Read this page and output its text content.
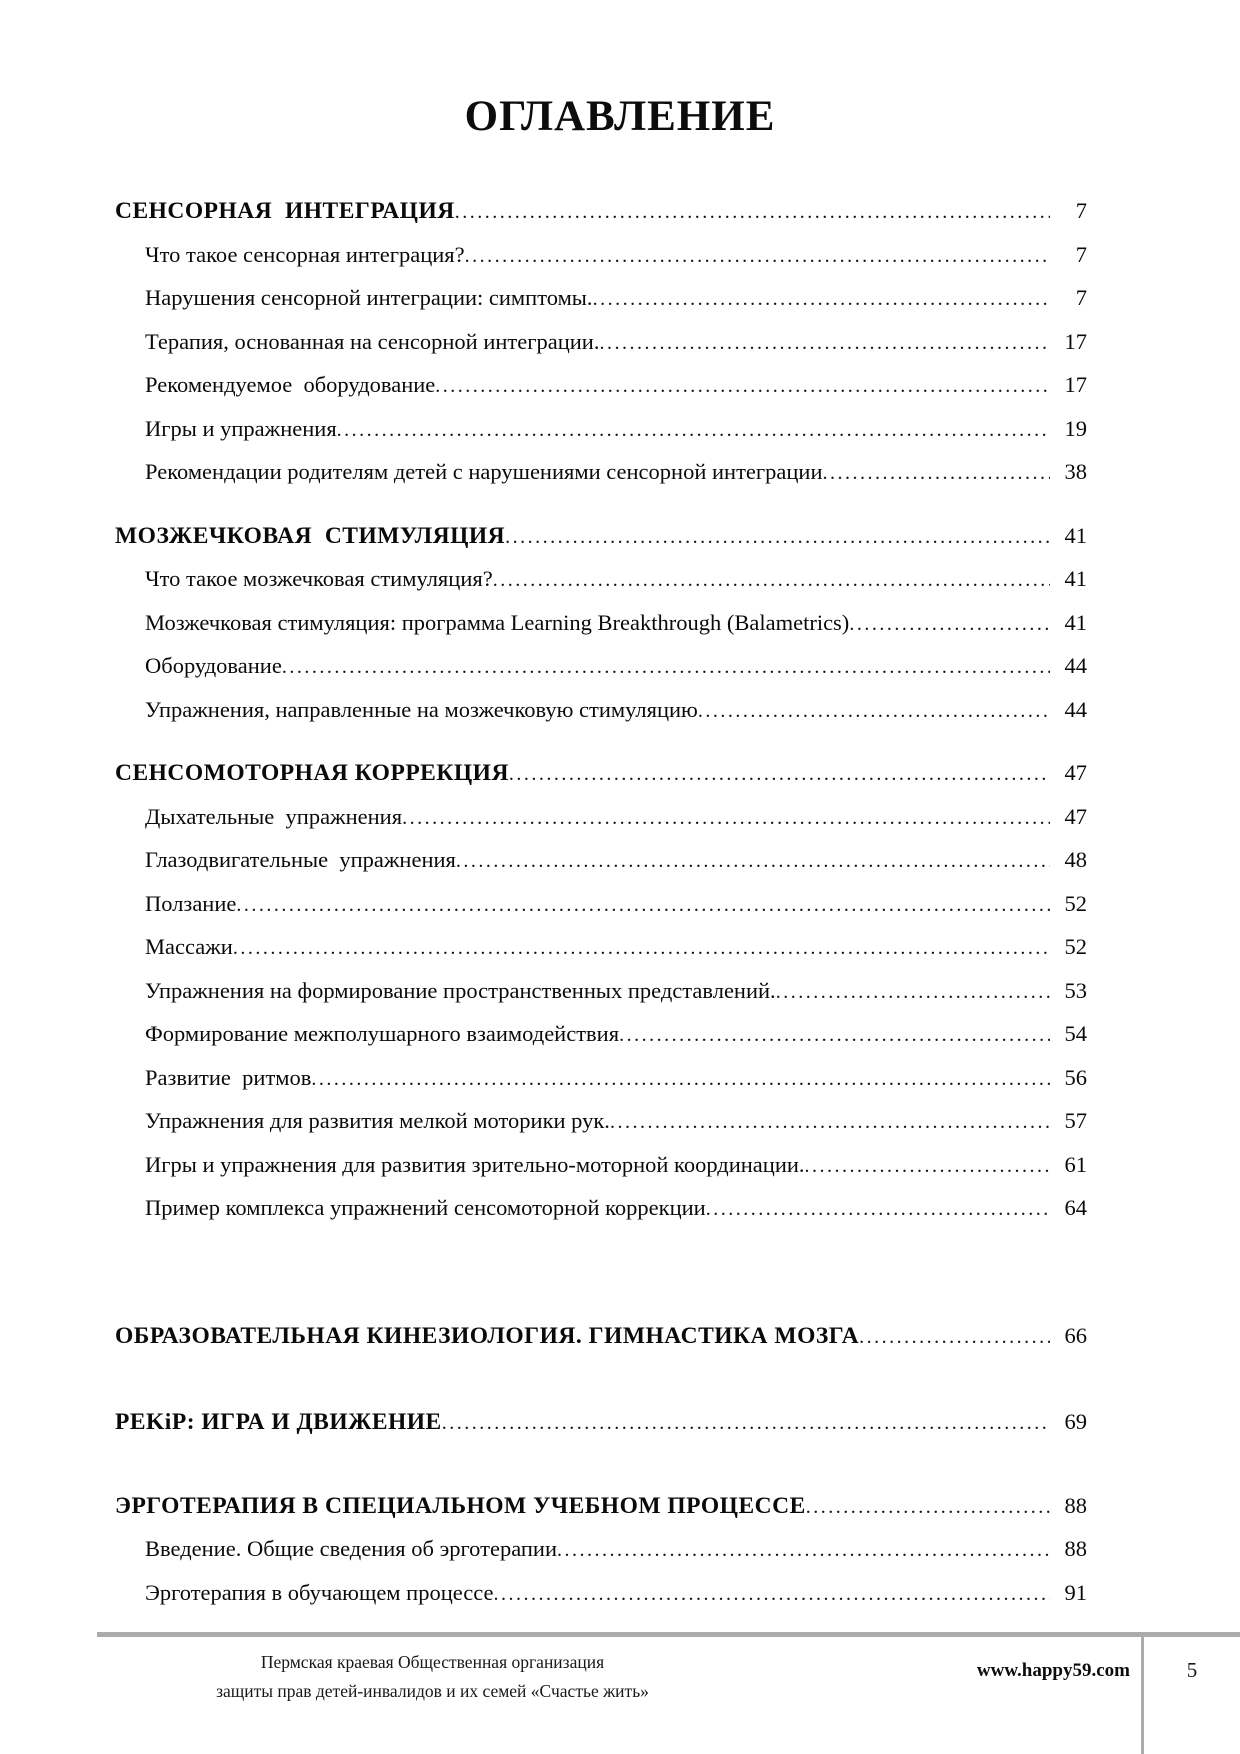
ОГЛАВЛЕНИЕ
СЕНСОРНАЯ  ИНТЕГРАЦИЯ .....	7
Что такое сенсорная интеграция? .....	7
Нарушения сенсорной интеграции: симптомы. .....	7
Терапия, основанная на сенсорной интеграции. .....	17
Рекомендуемое  оборудование .....	17
Игры и упражнения .....	19
Рекомендации родителям детей с нарушениями сенсорной интеграции .....	38
МОЗЖЕЧКОВАЯ  СТИМУЛЯЦИЯ .....	41
Что такое мозжечковая стимуляция? .....	41
Мозжечковая стимуляция: программа Learning Breakthrough (Balametrics) .....	41
Оборудование .....	44
Упражнения, направленные на мозжечковую стимуляцию .....	44
СЕНСОМОТОРНАЯ КОРРЕКЦИЯ .....	47
Дыхательные  упражнения .....	47
Глазодвигательные  упражнения .....	48
Ползание .....	52
Массажи .....	52
Упражнения на формирование пространственных представлений. .....	53
Формирование межполушарного взаимодействия .....	54
Развитие  ритмов .....	56
Упражнения для развития мелкой моторики рук. .....	57
Игры и упражнения для развития зрительно-моторной координации. .....	61
Пример комплекса упражнений сенсомоторной коррекции .....	64
ОБРАЗОВАТЕЛЬНАЯ КИНЕЗИОЛОГИЯ. ГИМНАСТИКА МОЗГА .....	66
PEKiP: ИГРА И ДВИЖЕНИЕ .....	69
ЭРГОТЕРАПИЯ В СПЕЦИАЛЬНОМ УЧЕБНОМ ПРОЦЕССЕ .....	88
Введение. Общие сведения об эрготерапии .....	88
Эрготерапия в обучающем процессе .....	91
Пермская краевая Общественная организация
защиты прав детей-инвалидов и их семей «Счастье жить»
www.happy59.com	5
